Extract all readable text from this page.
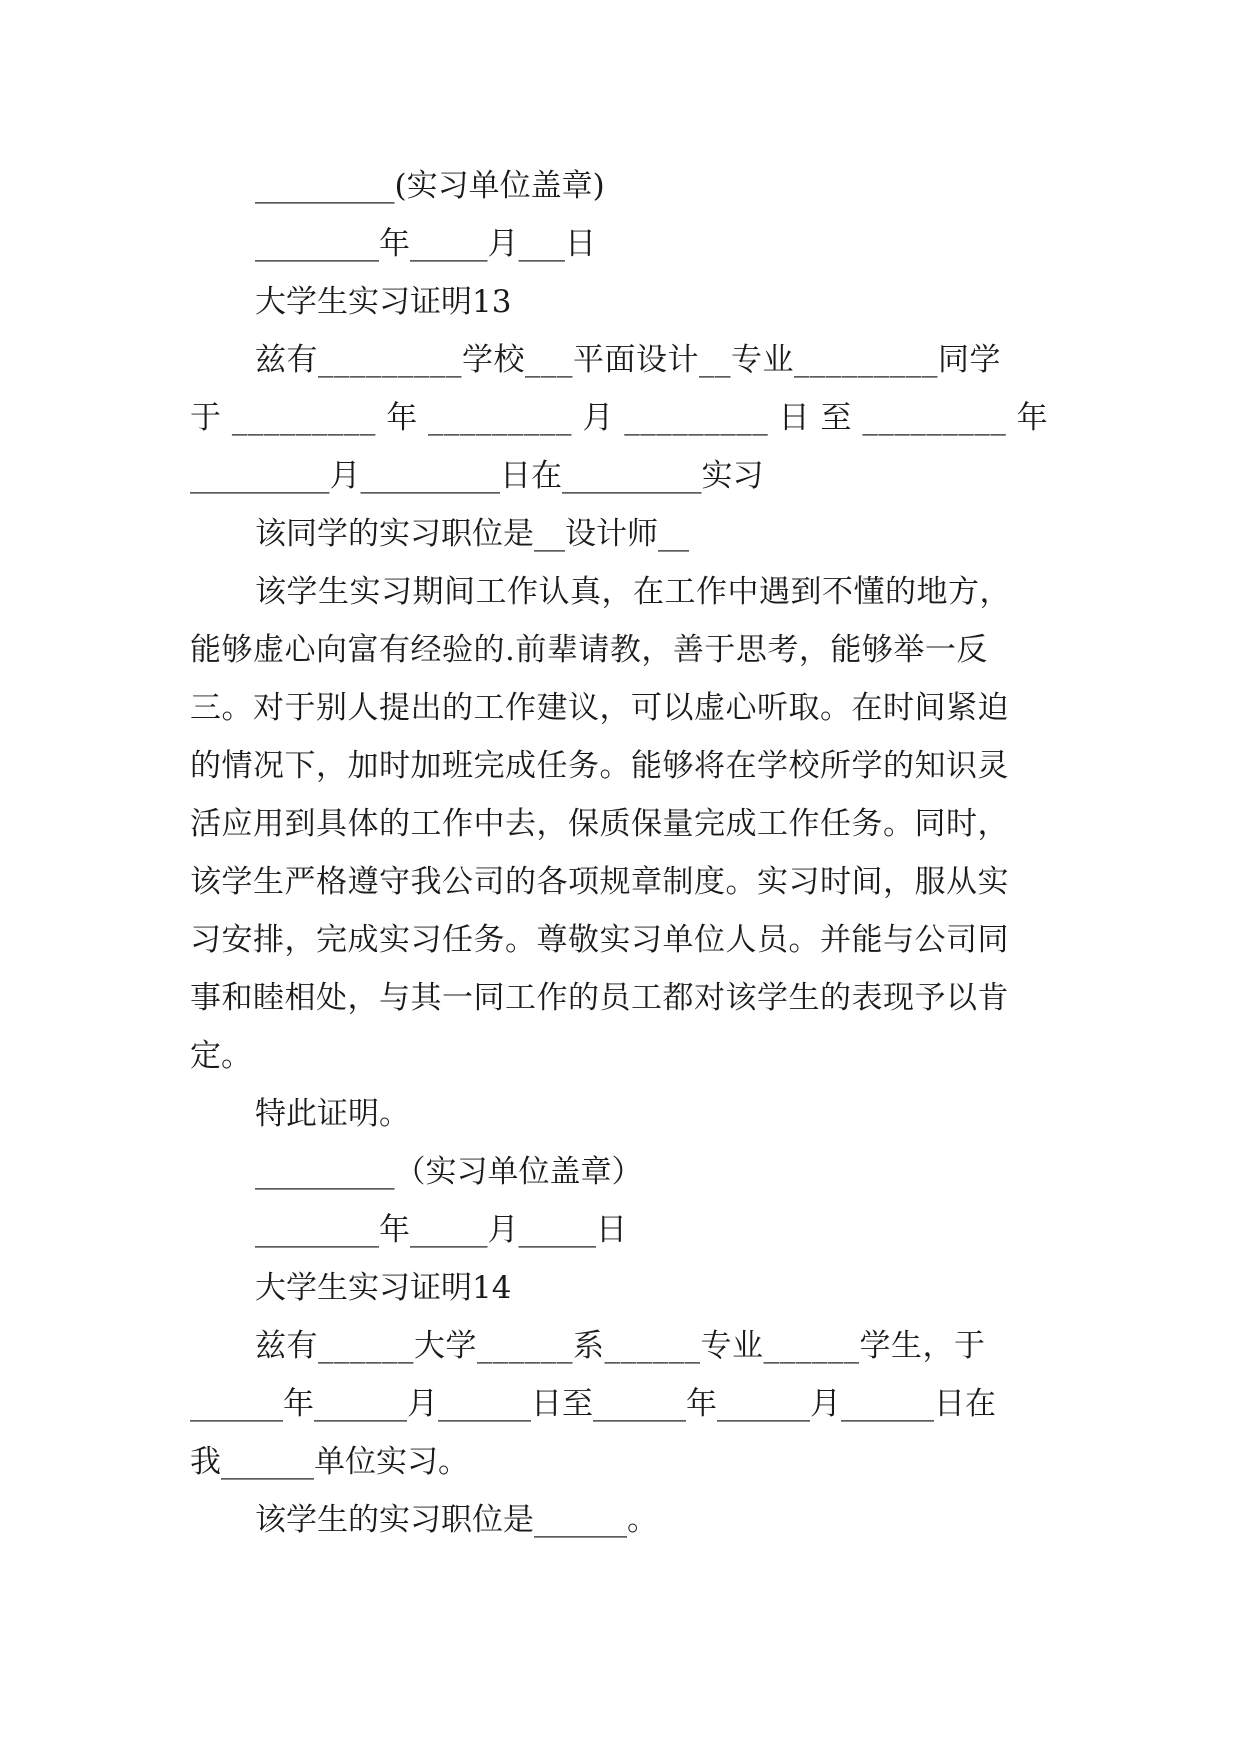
_________(实习单位盖章)
________年_____月___日
大学生实习证明13
兹有_________学校___平面设计__专业_________同学
于 _________ 年 _________ 月 _________ 日 至 _________ 年
_________月_________日在_________实习
该同学的实习职位是__设计师__
该学生实习期间工作认真，在工作中遇到不懂的地方，
能够虚心向富有经验的.前辈请教，善于思考，能够举一反
三。对于别人提出的工作建议，可以虚心听取。在时间紧迫
的情况下，加时加班完成任务。能够将在学校所学的知识灵
活应用到具体的工作中去，保质保量完成工作任务。同时，
该学生严格遵守我公司的各项规章制度。实习时间，服从实
习安排，完成实习任务。尊敬实习单位人员。并能与公司同
事和睦相处，与其一同工作的员工都对该学生的表现予以肯
定。
特此证明。
_________（实习单位盖章）
________年_____月_____日
大学生实习证明14
兹有______大学______系______专业______学生，于
______年______月______日至______年______月______日在
我______单位实习。
该学生的实习职位是______。
